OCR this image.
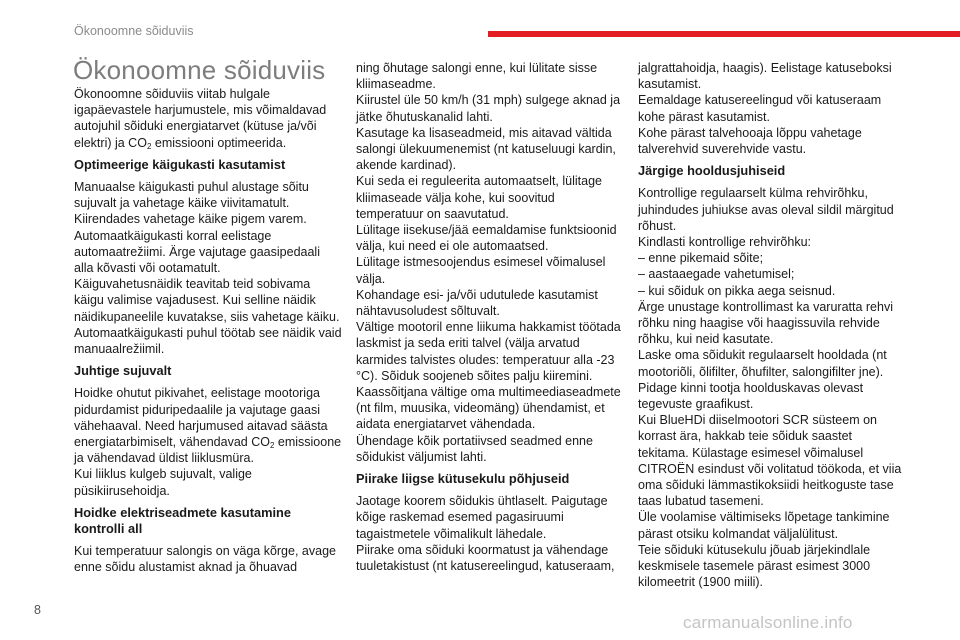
Ökonoomne sõiduviis
Ökonoomne sõiduviis

Ökonoomne sõiduviis viitab hulgale igapäevastele harjumustele, mis võimaldavad autojuhil sõiduki energiatarvet (kütuse ja/või elektri) ja $CO_2$ emissiooni optimeerida.

Optimeerige käigukasti kasutamist

Manuaalse käigukasti puhul alustage sõitu sujuvalt ja vahetage käike viivitamatult. Kiirendades vahetage käike pigem varem.
Automaatkäigukasti korral eelistage automaatrežiimi. Ärge vajutage gaasipedaali alla kõvasti või ootamatult.
Käiguvahetusnäidik teavitab teid sobivama käigu valimise vajadusest. Kui selline näidik näidikupaneelile kuvatakse, siis vahetage käiku.
Automaatkäigukasti puhul töötab see näidik vaid manuaalrežiimil.

Juhtige sujuvalt

Hoidke ohutut pikivahet, eelistage mootoriga pidurdamist piduripedaalile ja vajutage gaasi vähehaaval. Need harjumused aitavad säästa energiatarbimiselt, vähendavad $CO_2$ emissioone ja vähendavad üldist liiklusmüra.
Kui liiklus kulgeb sujuvalt, valige püsikiirusehoidja.

Hoidke elektriseadmete kasutamine kontrolli all

Kui temperatuur salongis on väga kõrge, avage enne sõidu alustamist aknad ja õhuavad

ning õhutage salongi enne, kui lülitate sisse kliimaseadme.
Kiirustel üle 50 km/h (31 mph) sulgege aknad ja jätke õhutuskanalid lahti.
Kasutage ka lisaseadmeid, mis aitavad vältida salongi ülekuumenemist (nt katuseluugi kardin, akende kardinad).
Kui seda ei reguleerita automaatselt, lülitage kliimaseade välja kohe, kui soovitud temperatuur on saavutatud.
Lülitage iisekuse/jää eemaldamise funktsioonid välja, kui need ei ole automaatsed.
Lülitage istmesoojendus esimesel võimalusel välja.
Kohandage esi- ja/või udutulede kasutamist nähtavusoludest sõltuvalt.
Vältige mootoril enne liikuma hakkamist töötada laskmist ja seda eriti talvel (välja arvatud karmides talvistes oludes: temperatuur alla -23 °C). Sõiduk soojeneb sõites palju kiiremini.
Kaassõitjana vältige oma multimeediaseadmete (nt film, muusika, videomäng) ühendamist, et aidata energiatarvet vähendada.
Ühendage kõik portatiivsed seadmed enne sõidukist väljumist lahti.

Piirake liigse kütusekulu põhjuseid

Jaotage koorem sõidukis ühtlaselt. Paigutage kõige raskemad esemed pagasiruumi tagaistmetele võimalikult lähedale.
Piirake oma sõiduki koormatust ja vähendage tuuletakistust (nt katusereelingud, katuseraam,

jalgrattahoidja, haagis). Eelistage katuseboksi kasutamist.
Eemaldage katusereelingud või katuseraam kohe pärast kasutamist.
Kohe pärast talvehooaja lõppu vahetage talverehvid suverehvide vastu.

Järgige hooldusjuhiseid

Kontrollige regulaarselt külma rehvirõhku, juhindudes juhiukse avas oleval sildil märgitud rõhust.
Kindlasti kontrollige rehvirõhku:
– enne pikemaid sõite;
– aastaaegade vahetumisel;
– kui sõiduk on pikka aega seisnud.
Ärge unustage kontrollimast ka varuratta rehvi rõhku ning haagise või haagissuvila rehvide rõhku, kui neid kasutate.
Laske oma sõidukit regulaarselt hooldada (nt mootoriõli, õlifilter, õhufilter, salongifilter jne). Pidage kinni tootja hoolduskavas olevast tegevuste graafikust.
Kui BlueHDi diiselmootori SCR süsteem on korrast ära, hakkab teie sõiduk saastet tekitama. Külastage esimesel võimalusel CITROËN esindust või volitatud töökoda, et viia oma sõiduki lämmastikoksiidi heitkoguste tase taas lubatud tasemeni.
Üle voolamise vältimiseks lõpetage tankimine pärast otsiku kolmandat väljalülitust.
Teie sõiduki kütusekulu jõuab järjekindlale keskmisele tasemele pärast esimest 3000 kilomeetrit (1900 miili).

8
carmanualsonline.info
